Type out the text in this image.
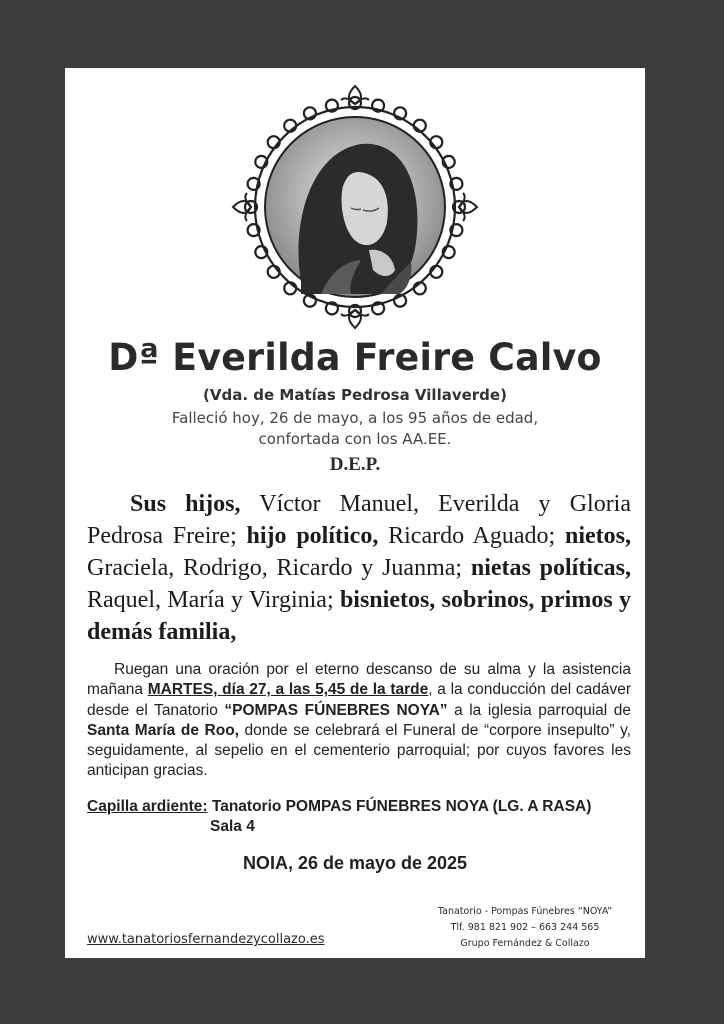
Dª Everilda Freire Calvo
(Vda. de Matías Pedrosa Villaverde)
Falleció hoy, 26 de mayo, a los 95 años de edad,
confortada con los AA.EE.
D.E.P.
Sus hijos, Víctor Manuel, Everilda y Gloria Pedrosa Freire; hijo político, Ricardo Aguado; nietos, Graciela, Rodrigo, Ricardo y Juanma; nietas políticas, Raquel, María y Virginia; bisnietos, sobrinos, primos y demás familia,
Ruegan una oración por el eterno descanso de su alma y la asistencia mañana MARTES, día 27, a las 5,45 de la tarde, a la conducción del cadáver desde el Tanatorio “POMPAS FÚNEBRES NOYA” a la iglesia parroquial de Santa María de Roo, donde se celebrará el Funeral de “corpore insepulto” y, seguidamente, al sepelio en el cementerio parroquial; por cuyos favores les anticipan gracias.
Capilla ardiente: Tanatorio POMPAS FÚNEBRES NOYA (LG. A RASA)
Sala 4
NOIA, 26 de mayo de 2025
www.tanatoriosfernandezycollazo.es
Tanatorio - Pompas Fúnebres “NOYA”
Tlf. 981 821 902 – 663 244 565
Grupo Fernández & Collazo
